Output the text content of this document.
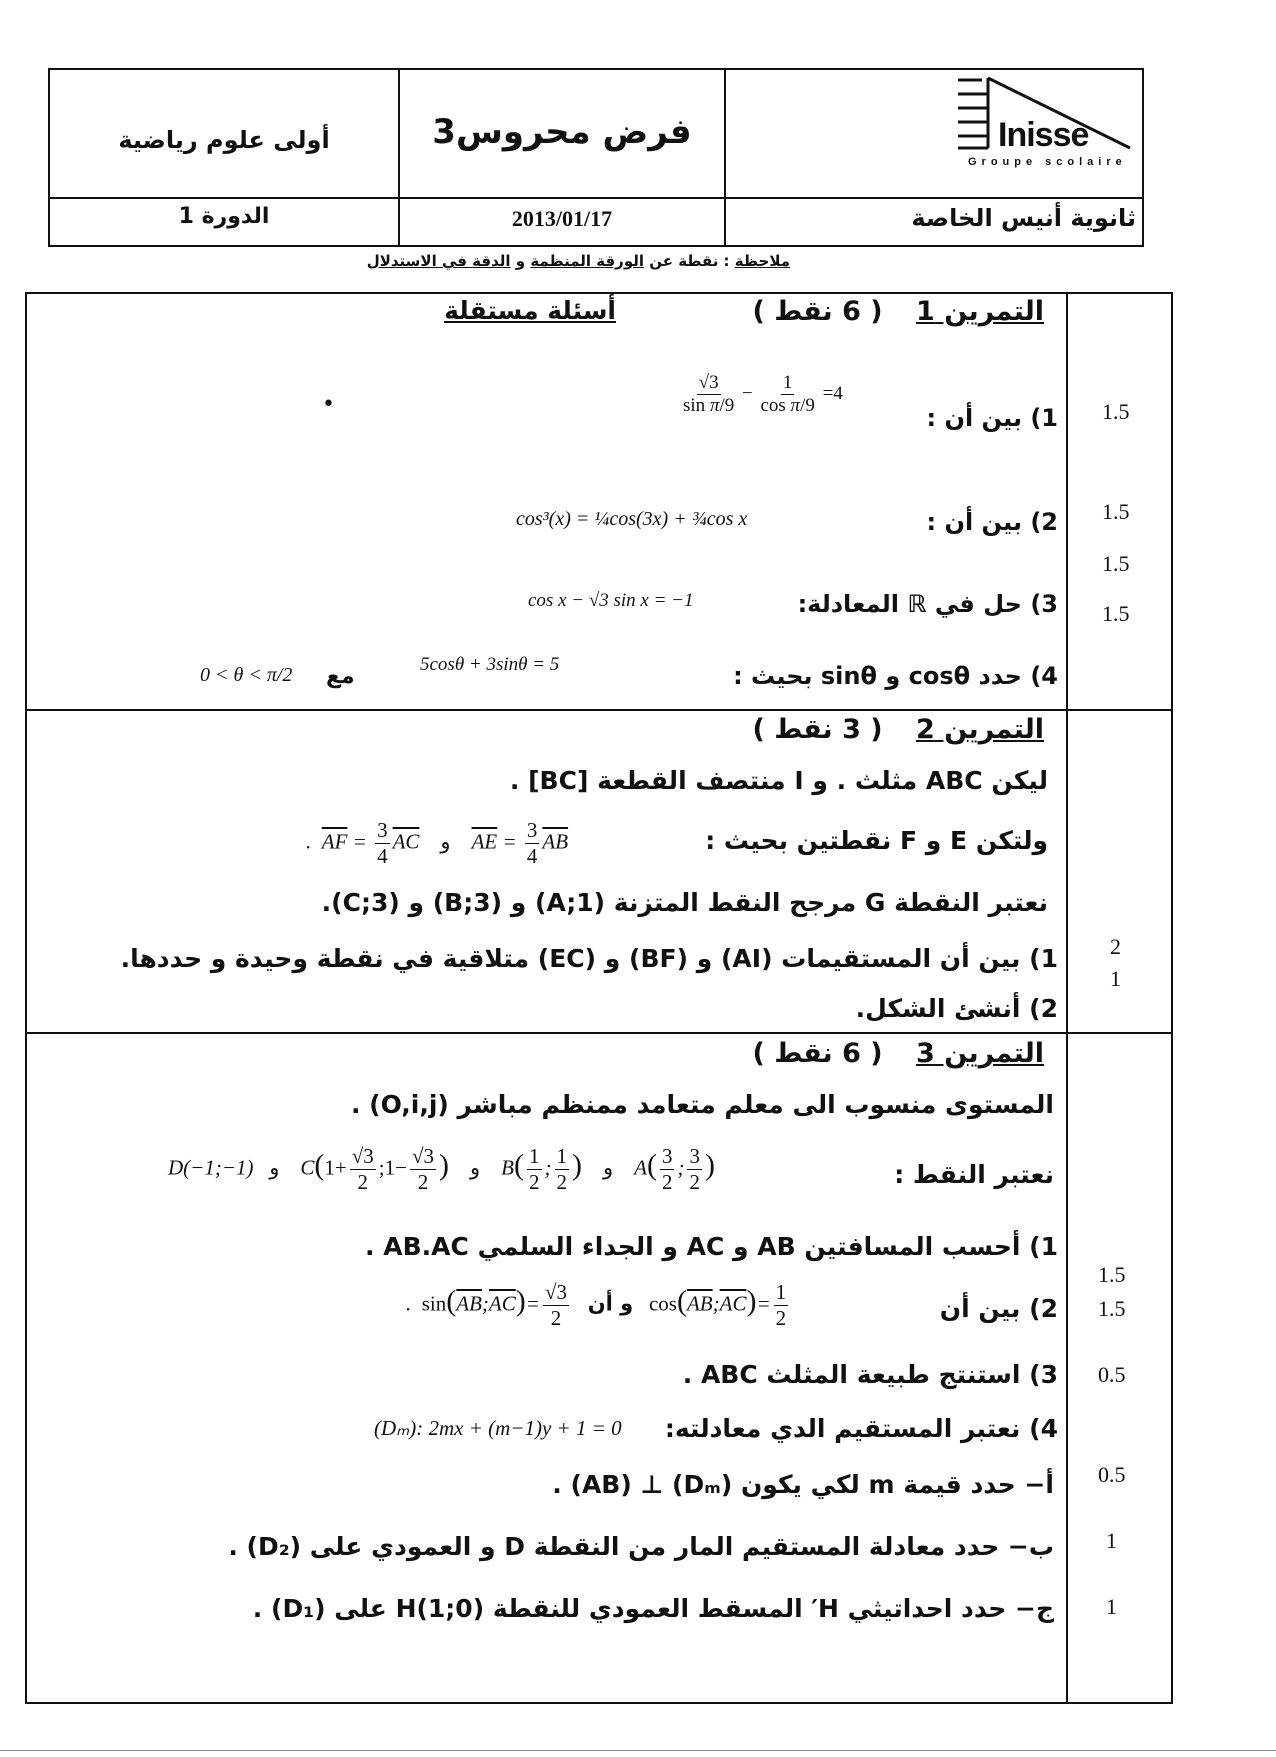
Inisse
Groupe scolaire
فرض محروس3
أولى علوم رياضية
ثانوية أنيس الخاصة
2013/01/17
الدورة 1
ملاحظة : نقطة عن الورقة المنظمة و الدقة في الاستدلال
التمرين 1 ( 6 نقط )
أسئلة مستقلة
1) بين أن :
$\frac{√3}{\text{sin π/9}} - \frac{1}{\text{cos π/9}} =4$
•
2) بين أن :
cos³(x) = ¼cos(3x) + ¾cos x
3) حل في ℝ المعادلة:
cos x − √3 sin x = −1
4) حدد cosθ و sinθ بحيث :
5cosθ + 3sinθ = 5
مع
0 < θ < π/2
1.5
1.5
1.5
1.5
التمرين 2 ( 3 نقط )
ليكن ABC مثلث . و I منتصف القطعة [BC] .
ولتكن E و F نقطتين بحيث :
.  $\overline{AF} = \frac{3}{4} \overline{AC}$ و $\overline{AE} = \frac{3}{4} \overline{AB}$
نعتبر النقطة G مرجح النقط المتزنة (A;1) و (B;3) و (C;3).
1) بين أن المستقيمات (AI) و (BF) و (EC) متلاقية في نقطة وحيدة و حددها.
2) أنشئ الشكل.
2
1
التمرين 3 ( 6 نقط )
المستوى منسوب الى معلم متعامد ممنظم مباشر (O,i,j) .
نعتبر النقط :
D(−1;−1)   و    $C(1+ \frac{√3}{2}$ ;1− $\frac{√3}{2}$ ) و    $B( \frac{1}{2}$ ; $\frac{1}{2}$ ) و    $A( \frac{3}{2}$ ; $\frac{3}{2}$ )
1) أحسب المسافتين AB و AC و الجداء السلمي AB.AC .
2) بين أن
.  $\sin(\overline{AB};\overline{AC})= \frac{√3}{2}$ و أن $\cos(\overline{AB};\overline{AC})= \frac{1}{2}$
3) استنتج طبيعة المثلث ABC .
4) نعتبر المستقيم الدي معادلته:
(Dₘ): 2mx + (m−1)y + 1 = 0
أ− حدد قيمة m لكي يكون (Dₘ) ⊥ (AB) .
ب− حدد معادلة المستقيم المار من النقطة D و العمودي على (D₂) .
ج− حدد احداتيثي H′ المسقط العمودي للنقطة H(1;0) على (D₁) .
1.5
1.5
0.5
0.5
1
1
